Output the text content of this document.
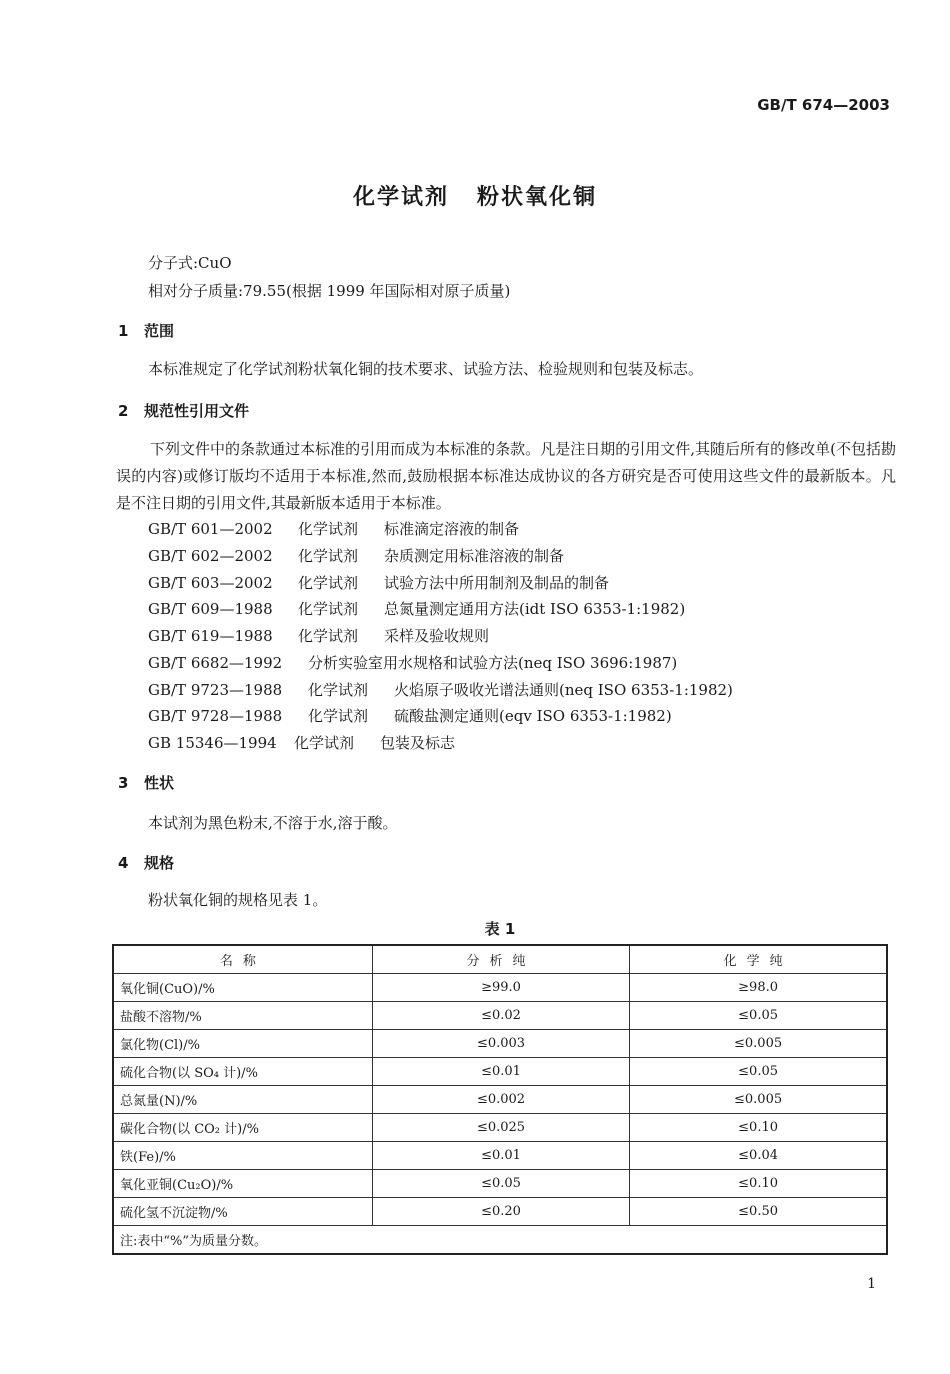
GB/T 674—2003
化学试剂 粉状氧化铜
分子式:CuO
相对分子质量:79.55(根据 1999 年国际相对原子质量)
1 范围
本标准规定了化学试剂粉状氧化铜的技术要求、试验方法、检验规则和包装及标志。
2 规范性引用文件
下列文件中的条款通过本标准的引用而成为本标准的条款。凡是注日期的引用文件,其随后所有的修改单(不包括勘误的内容)或修订版均不适用于本标准,然而,鼓励根据本标准达成协议的各方研究是否可使用这些文件的最新版本。凡是不注日期的引用文件,其最新版本适用于本标准。
GB/T 601—2002 化学试剂 标准滴定溶液的制备
GB/T 602—2002 化学试剂 杂质测定用标准溶液的制备
GB/T 603—2002 化学试剂 试验方法中所用制剂及制品的制备
GB/T 609—1988 化学试剂 总氮量测定通用方法(idt ISO 6353-1:1982)
GB/T 619—1988 化学试剂 采样及验收规则
GB/T 6682—1992 分析实验室用水规格和试验方法(neq ISO 3696:1987)
GB/T 9723—1988 化学试剂 火焰原子吸收光谱法通则(neq ISO 6353-1:1982)
GB/T 9728—1988 化学试剂 硫酸盐测定通则(eqv ISO 6353-1:1982)
GB 15346—1994 化学试剂 包装及标志
3 性状
本试剂为黑色粉末,不溶于水,溶于酸。
4 规格
粉状氧化铜的规格见表 1。
表 1
名称	分析纯	化学纯
氧化铜(CuO)/%	≥99.0	≥98.0
盐酸不溶物/%	≤0.02	≤0.05
氯化物(Cl)/%	≤0.003	≤0.005
硫化合物(以 SO₄ 计)/%	≤0.01	≤0.05
总氮量(N)/%	≤0.002	≤0.005
碳化合物(以 CO₂ 计)/%	≤0.025	≤0.10
铁(Fe)/%	≤0.01	≤0.04
氧化亚铜(Cu₂O)/%	≤0.05	≤0.10
硫化氢不沉淀物/%	≤0.20	≤0.50
注:表中“%”为质量分数。		
1
